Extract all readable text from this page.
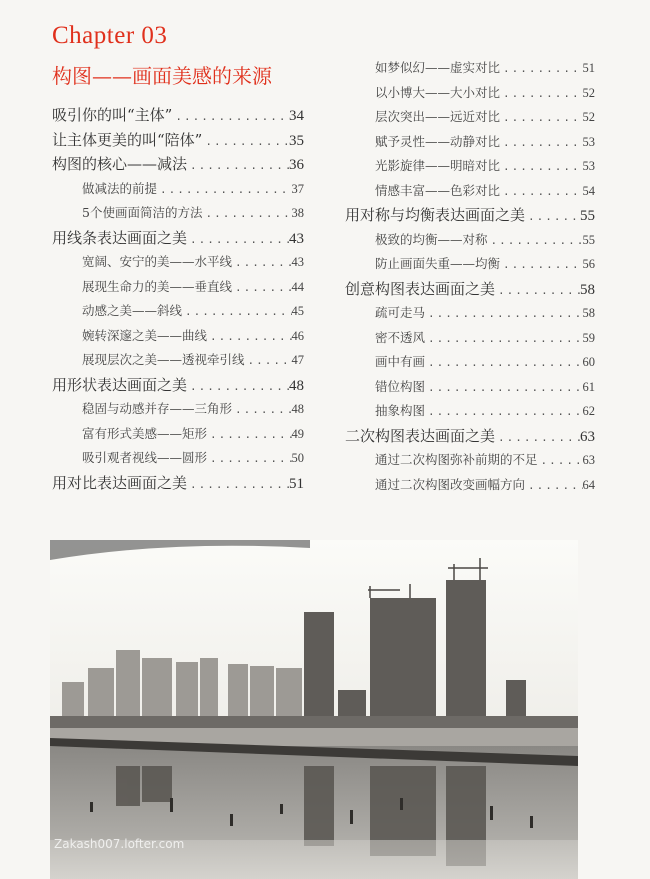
Chapter 03
构图——画面美感的来源
吸引你的叫“主体” .....	34
让主体更美的叫“陪体” .....	35
构图的核心——减法 .....	36
做减法的前提 .....	37
5个使画面简洁的方法 .....	38
用线条表达画面之美 .....	43
宽阔、安宁的美——水平线 .....	43
展现生命力的美——垂直线 .....	44
动感之美——斜线 .....	45
婉转深邃之美——曲线 .....	46
展现层次之美——透视牵引线 .....	47
用形状表达画面之美 .....	48
稳固与动感并存——三角形 .....	48
富有形式美感——矩形 .....	49
吸引观者视线——圆形 .....	50
用对比表达画面之美 .....	51
如梦似幻——虚实对比 .....	51
以小博大——大小对比 .....	52
层次突出——远近对比 .....	52
赋予灵性——动静对比 .....	53
光影旋律——明暗对比 .....	53
情感丰富——色彩对比 .....	54
用对称与均衡表达画面之美 .....	55
极致的均衡——对称 .....	55
防止画面失重——均衡 .....	56
创意构图表达画面之美 .....	58
疏可走马 .....	58
密不透风 .....	59
画中有画 .....	60
错位构图 .....	61
抽象构图 .....	62
二次构图表达画面之美 .....	63
通过二次构图弥补前期的不足 .....	63
通过二次构图改变画幅方向 .....	64
Zakash007.lofter.com
